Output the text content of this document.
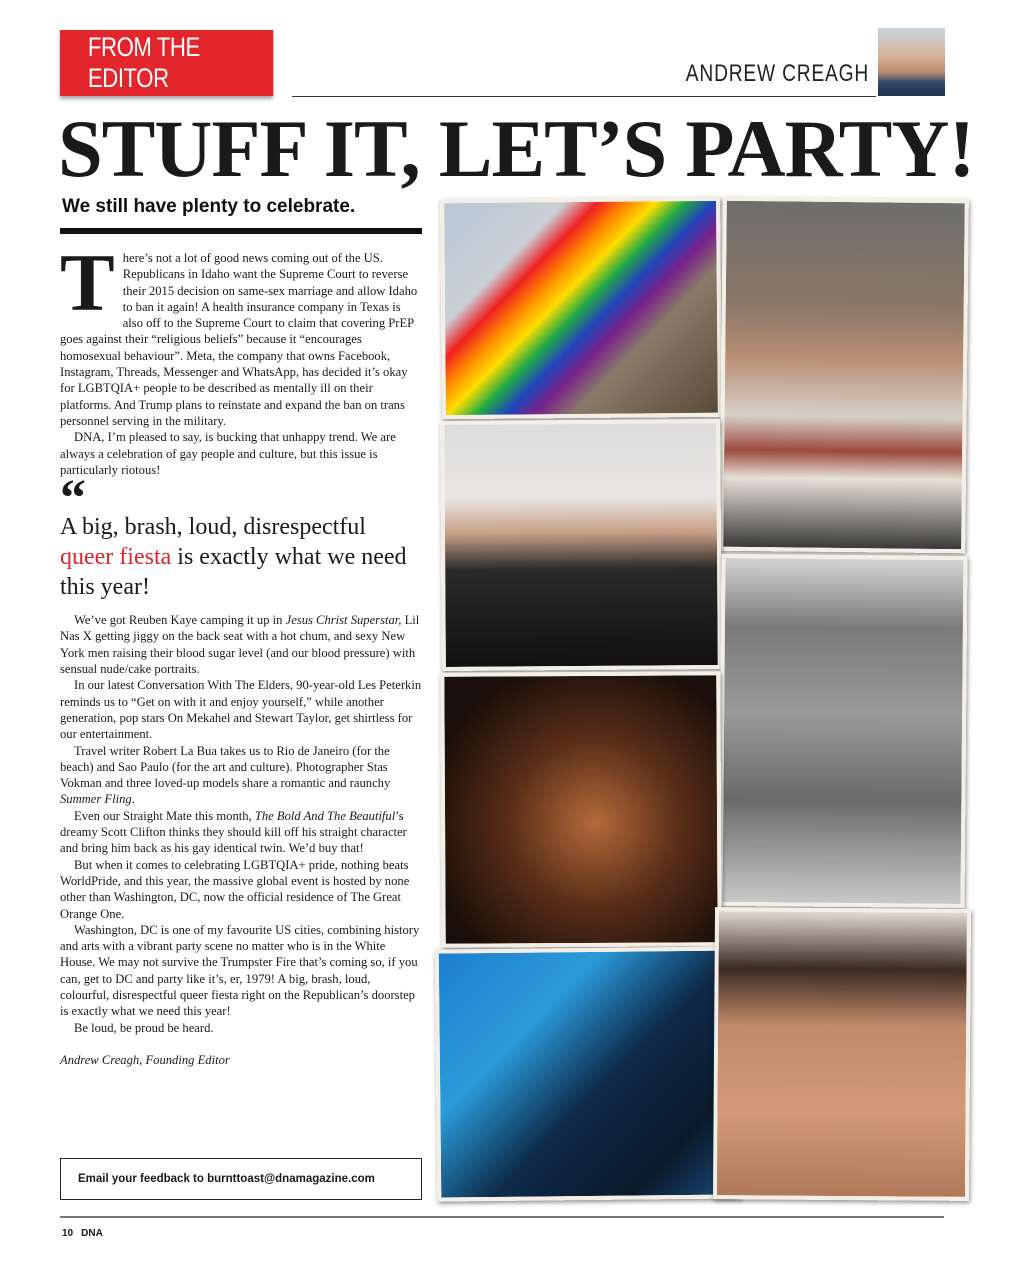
FROM THE EDITOR	ANDREW CREAGH
STUFF IT, LET’S PARTY!
We still have plenty to celebrate.

There’s not a lot of good news coming out of the US. Republicans in Idaho want the Supreme Court to reverse their 2015 decision on same-sex marriage and allow Idaho to ban it again! A health insurance company in Texas is also off to the Supreme Court to claim that covering PrEP goes against their “religious beliefs” because it “encourages homosexual behaviour”. Meta, the company that owns Facebook, Instagram, Threads, Messenger and WhatsApp, has decided it’s okay for LGBTQIA+ people to be described as mentally ill on their platforms. And Trump plans to reinstate and expand the ban on trans personnel serving in the military.

DNA, I’m pleased to say, is bucking that unhappy trend. We are always a celebration of gay people and culture, but this issue is particularly riotous!

“
A big, brash, loud, disrespectful queer fiesta is exactly what we need this year!

We’ve got Reuben Kaye camping it up in Jesus Christ Superstar, Lil Nas X getting jiggy on the back seat with a hot chum, and sexy New York men raising their blood sugar level (and our blood pressure) with sensual nude/cake portraits.

In our latest Conversation With The Elders, 90-year-old Les Peterkin reminds us to “Get on with it and enjoy yourself,” while another generation, pop stars On Mekahel and Stewart Taylor, get shirtless for our entertainment.

Travel writer Robert La Bua takes us to Rio de Janeiro (for the beach) and Sao Paulo (for the art and culture). Photographer Stas Vokman and three loved-up models share a romantic and raunchy Summer Fling.

Even our Straight Mate this month, The Bold And The Beautiful’s dreamy Scott Clifton thinks they should kill off his straight character and bring him back as his gay identical twin. We’d buy that!

But when it comes to celebrating LGBTQIA+ pride, nothing beats WorldPride, and this year, the massive global event is hosted by none other than Washington, DC, now the official residence of The Great Orange One.

Washington, DC is one of my favourite US cities, combining history and arts with a vibrant party scene no matter who is in the White House. We may not survive the Trumpster Fire that’s coming so, if you can, get to DC and party like it’s, er, 1979! A big, brash, loud, colourful, disrespectful queer fiesta right on the Republican’s doorstep is exactly what we need this year!

Be loud, be proud be heard.

Andrew Creagh, Founding Editor
Email your feedback to burnttoast@dnamagazine.com
10 DNA
